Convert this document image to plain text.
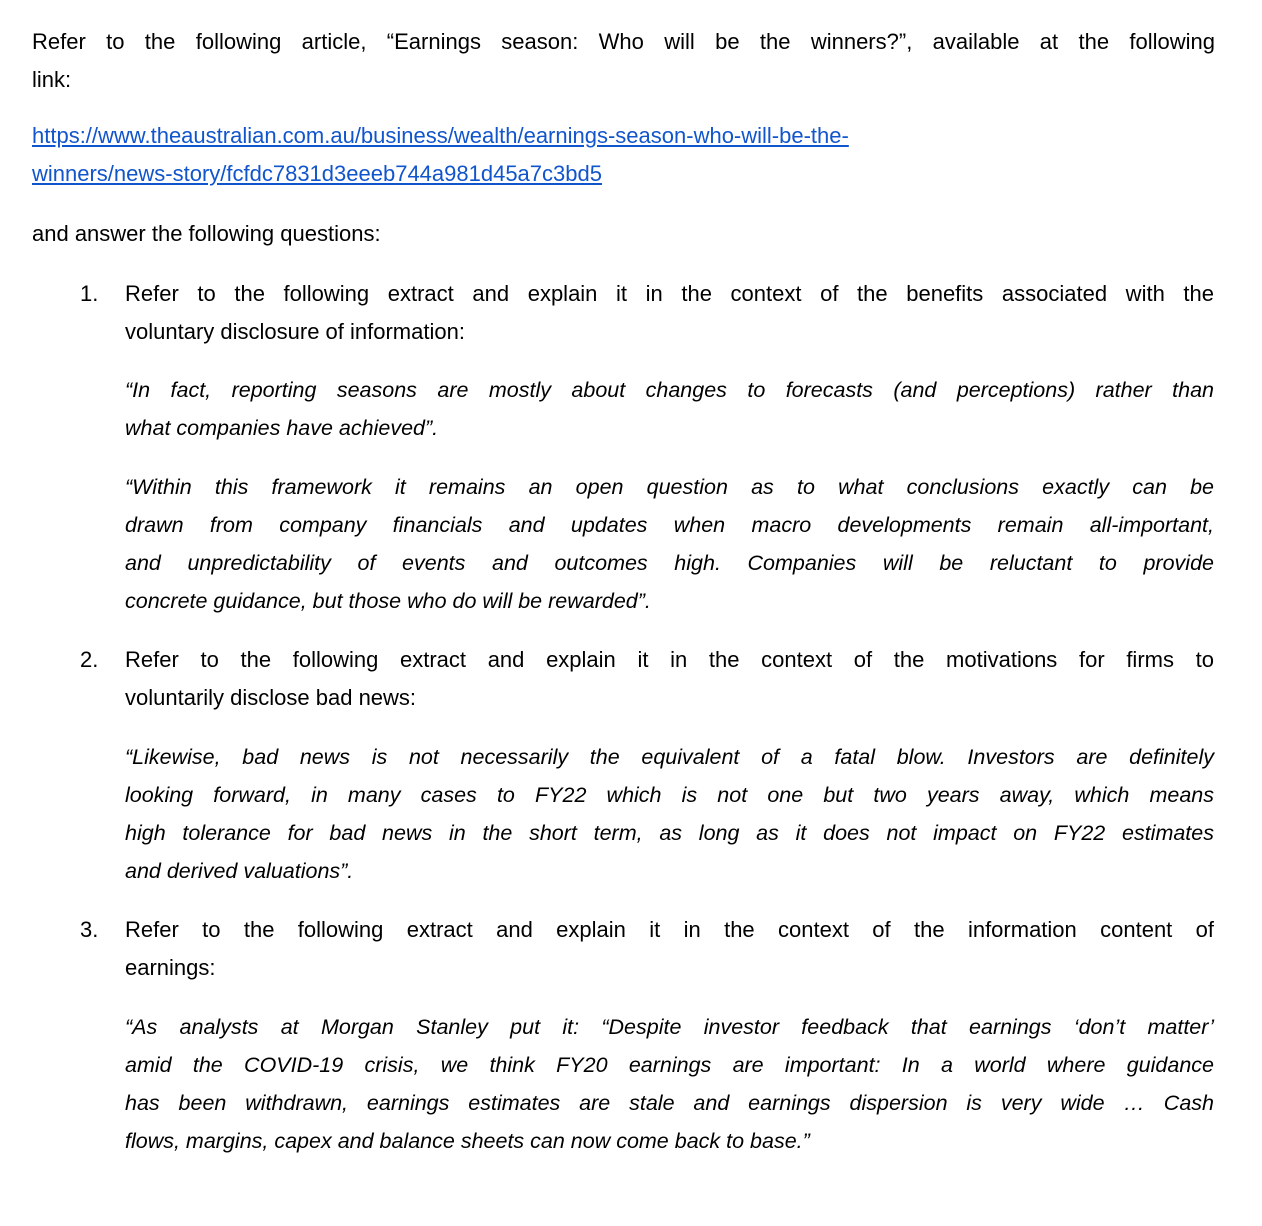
and answer the following questions:
Refer to the following article, “Earnings season: Who will be the winners?”, available at the following
link:
https://www.theaustralian.com.au/business/wealth/earnings-season-who-will-be-the-
winners/news-story/fcfdc7831d3eeeb744a981d45a7c3bd5
1. Refer to the following extract and explain it in the context of the benefits associated with the
voluntary disclosure of information:
“In fact, reporting seasons are mostly about changes to forecasts (and perceptions) rather than
what companies have achieved”.
“Within this framework it remains an open question as to what conclusions exactly can be
drawn from company financials and updates when macro developments remain all-important,
and unpredictability of events and outcomes high. Companies will be reluctant to provide
concrete guidance, but those who do will be rewarded”.
2. Refer to the following extract and explain it in the context of the motivations for firms to
voluntarily disclose bad news:
“Likewise, bad news is not necessarily the equivalent of a fatal blow. Investors are definitely
looking forward, in many cases to FY22 which is not one but two years away, which means
high tolerance for bad news in the short term, as long as it does not impact on FY22 estimates
and derived valuations”.
3. Refer to the following extract and explain it in the context of the information content of
earnings:
“As analysts at Morgan Stanley put it: “Despite investor feedback that earnings ‘don’t matter’
amid the COVID-19 crisis, we think FY20 earnings are important: In a world where guidance
has been withdrawn, earnings estimates are stale and earnings dispersion is very wide … Cash
flows, margins, capex and balance sheets can now come back to base.”
